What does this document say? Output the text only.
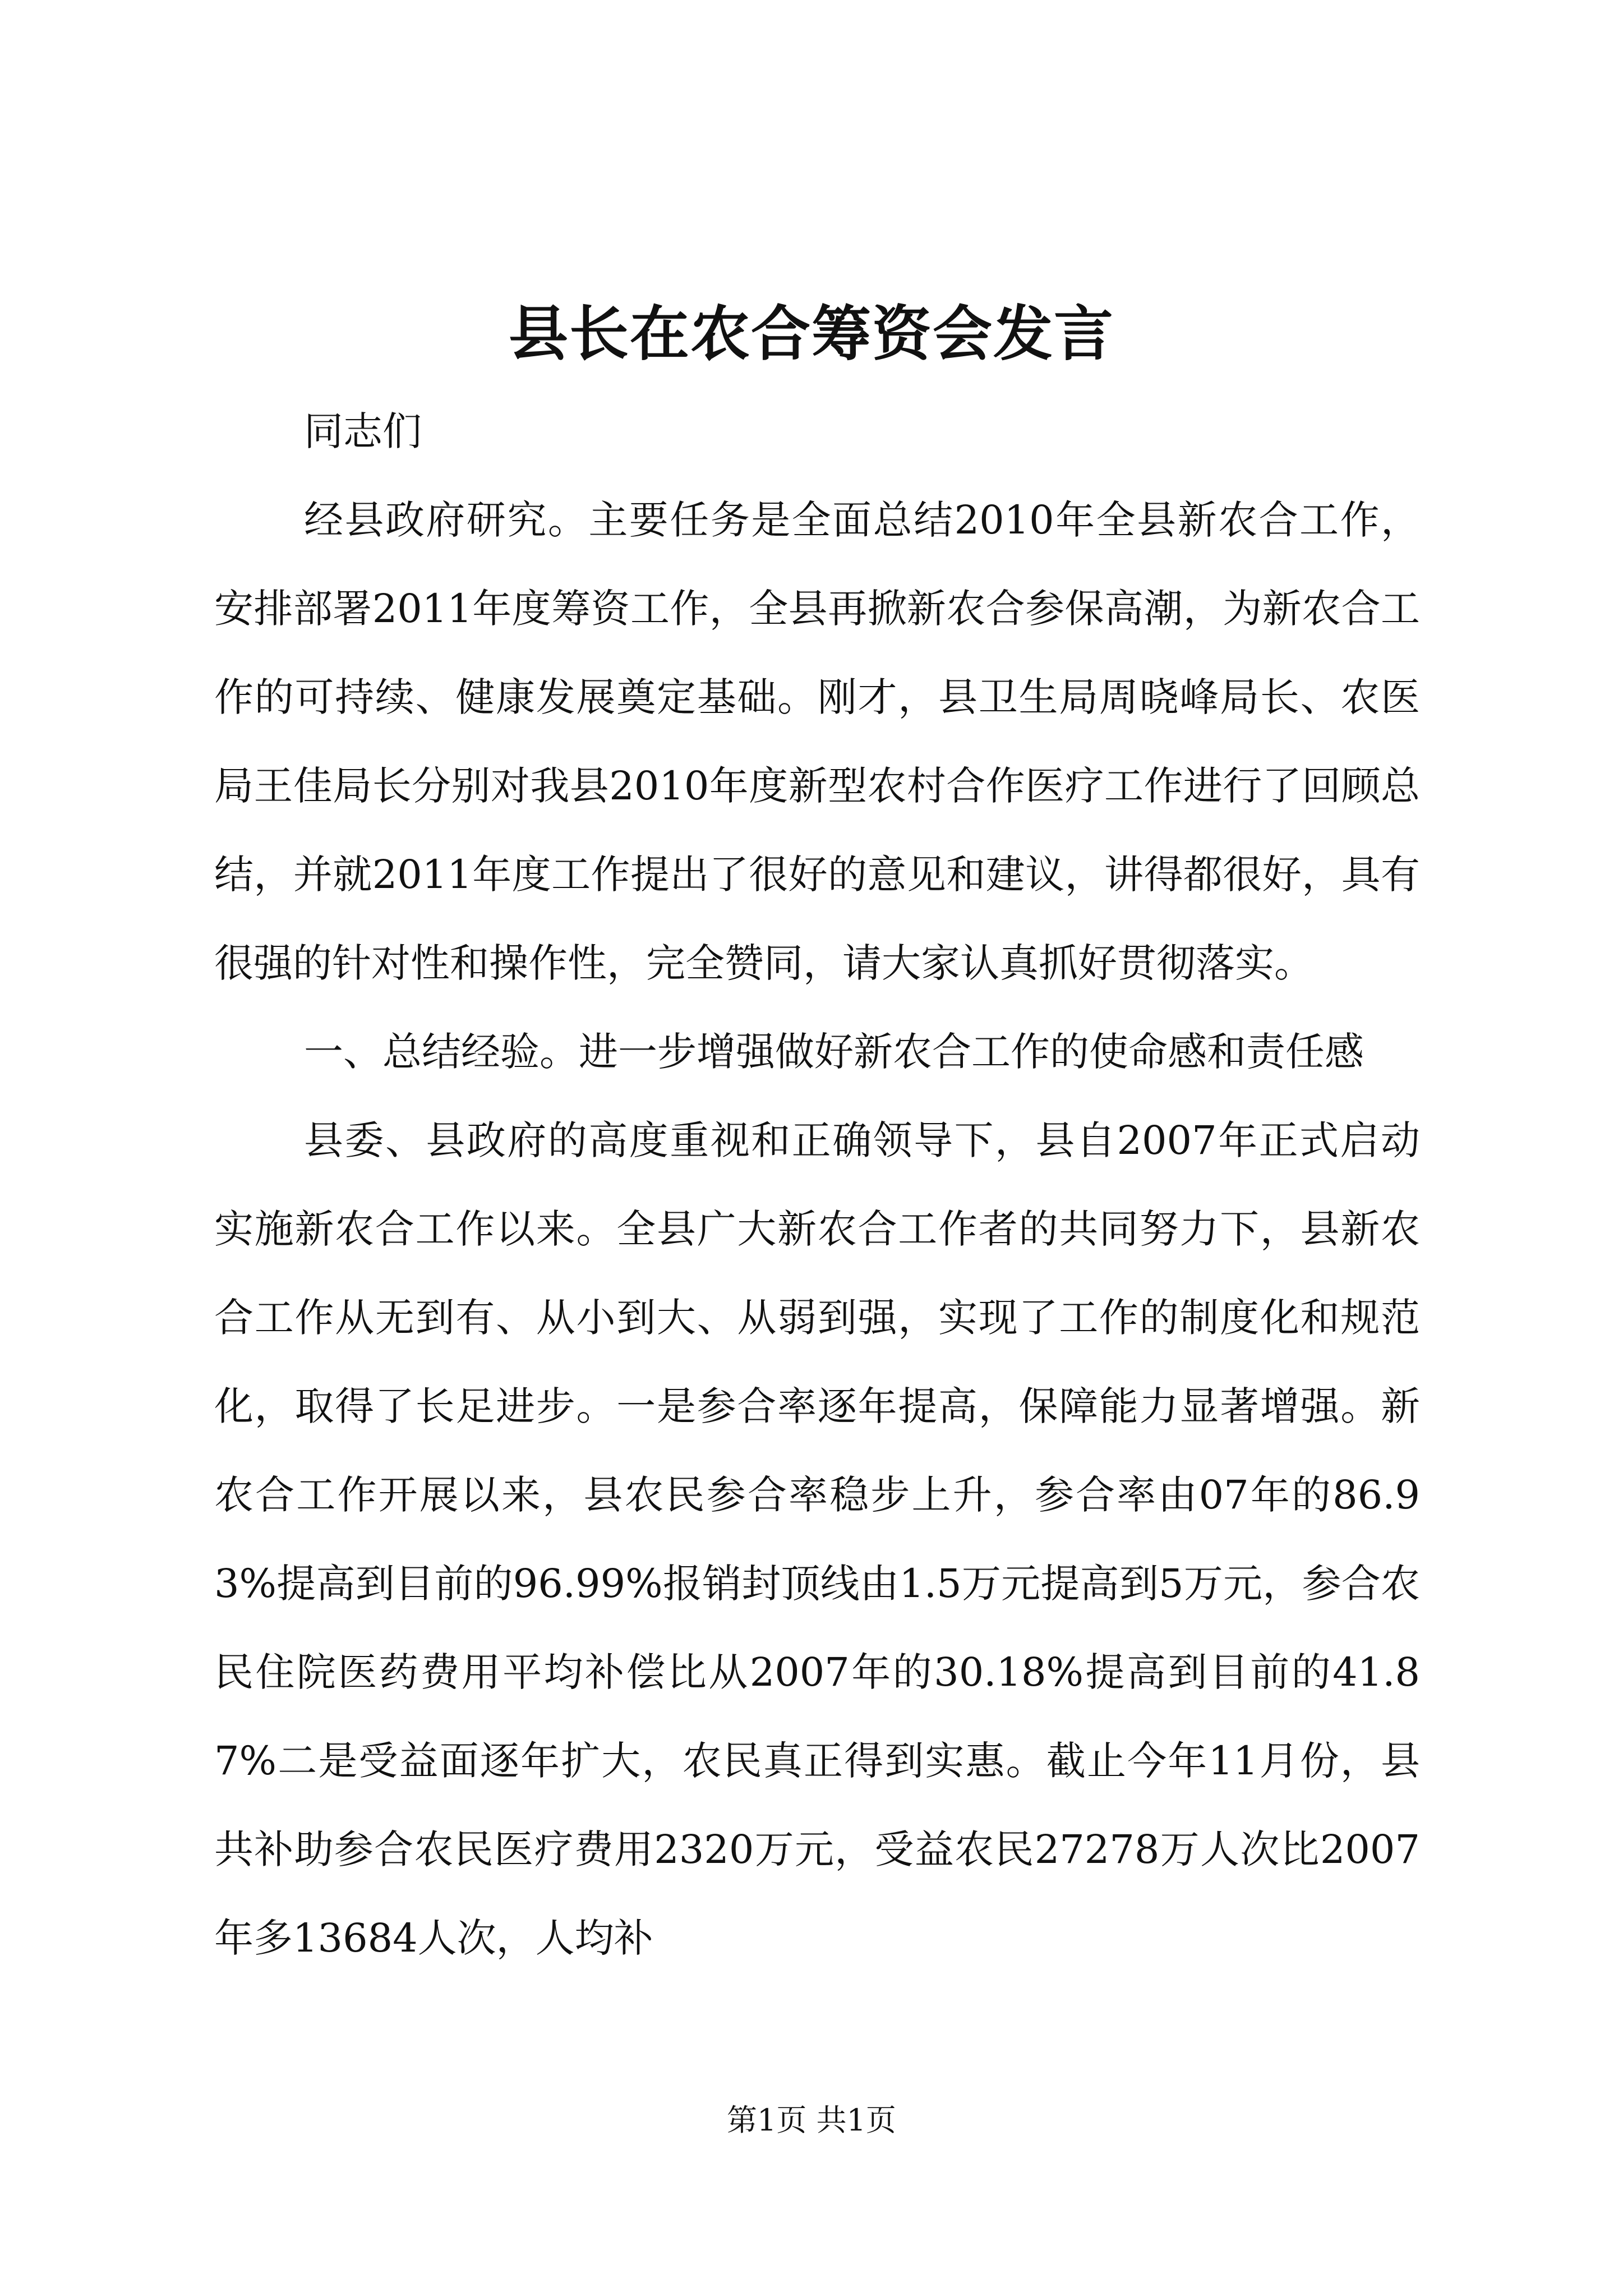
县长在农合筹资会发言

同志们

经县政府研究。主要任务是全面总结2010年全县新农合工作，安排部署2011年度筹资工作，全县再掀新农合参保高潮，为新农合工作的可持续、健康发展奠定基础。刚才，县卫生局周晓峰局长、农医局王佳局长分别对我县2010年度新型农村合作医疗工作进行了回顾总结，并就2011年度工作提出了很好的意见和建议，讲得都很好，具有很强的针对性和操作性，完全赞同，请大家认真抓好贯彻落实。

一、总结经验。进一步增强做好新农合工作的使命感和责任感

县委、县政府的高度重视和正确领导下，县自2007年正式启动实施新农合工作以来。全县广大新农合工作者的共同努力下，县新农合工作从无到有、从小到大、从弱到强，实现了工作的制度化和规范化，取得了长足进步。一是参合率逐年提高，保障能力显著增强。新农合工作开展以来，县农民参合率稳步上升，参合率由07年的86.93%提高到目前的96.99%报销封顶线由1.5万元提高到5万元，参合农民住院医药费用平均补偿比从2007年的30.18%提高到目前的41.87%二是受益面逐年扩大，农民真正得到实惠。截止今年11月份，县共补助参合农民医疗费用2320万元，受益农民27278万人次比2007年多13684人次，人均补

第1页 共1页
